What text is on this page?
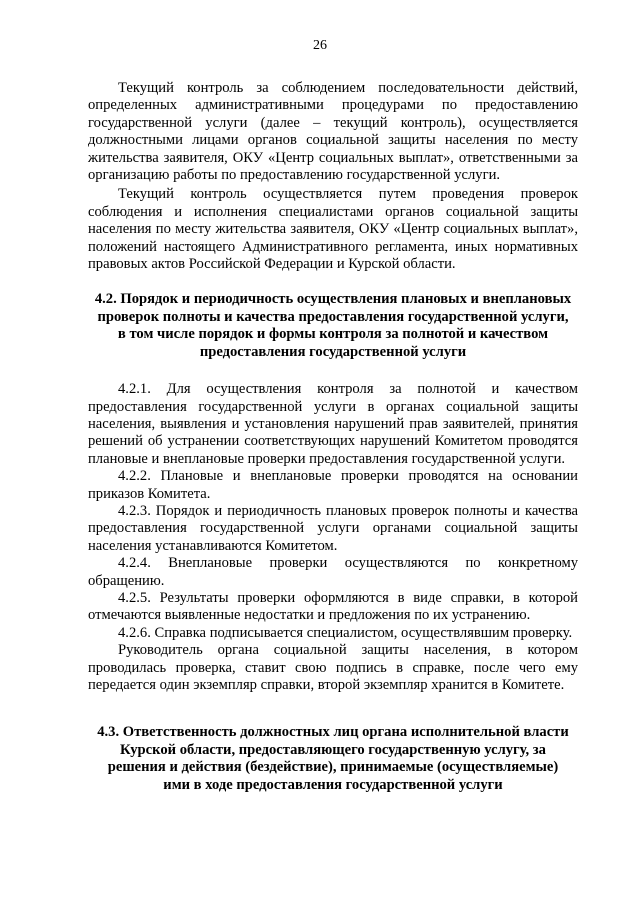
26

Текущий контроль за соблюдением последовательности действий, определенных административными процедурами по предоставлению государственной услуги (далее – текущий контроль), осуществляется должностными лицами органов социальной защиты населения по месту жительства заявителя, ОКУ «Центр социальных выплат», ответственными за организацию работы по предоставлению государственной услуги.

Текущий контроль осуществляется путем проведения проверок соблюдения и исполнения специалистами органов социальной защиты населения по месту жительства заявителя, ОКУ «Центр социальных выплат», положений настоящего Административного регламента, иных нормативных правовых актов Российской Федерации и Курской области.

4.2. Порядок и периодичность осуществления плановых и внеплановых проверок полноты и качества предоставления государственной услуги, в том числе порядок и формы контроля за полнотой и качеством предоставления государственной услуги

4.2.1. Для осуществления контроля за полнотой и качеством предоставления государственной услуги в органах социальной защиты населения, выявления и установления нарушений прав заявителей, принятия решений об устранении соответствующих нарушений Комитетом проводятся плановые и внеплановые проверки предоставления государственной услуги.

4.2.2. Плановые и внеплановые проверки проводятся на основании приказов Комитета.

4.2.3. Порядок и периодичность плановых проверок полноты и качества предоставления государственной услуги органами социальной защиты населения устанавливаются Комитетом.

4.2.4. Внеплановые проверки осуществляются по конкретному обращению.

4.2.5. Результаты проверки оформляются в виде справки, в которой отмечаются выявленные недостатки и предложения по их устранению.

4.2.6. Справка подписывается специалистом, осуществлявшим проверку.

Руководитель органа социальной защиты населения, в котором проводилась проверка, ставит свою подпись в справке, после чего ему передается один экземпляр справки, второй экземпляр хранится в Комитете.

4.3. Ответственность должностных лиц органа исполнительной власти Курской области, предоставляющего государственную услугу, за решения и действия (бездействие), принимаемые (осуществляемые) ими в ходе предоставления государственной услуги
